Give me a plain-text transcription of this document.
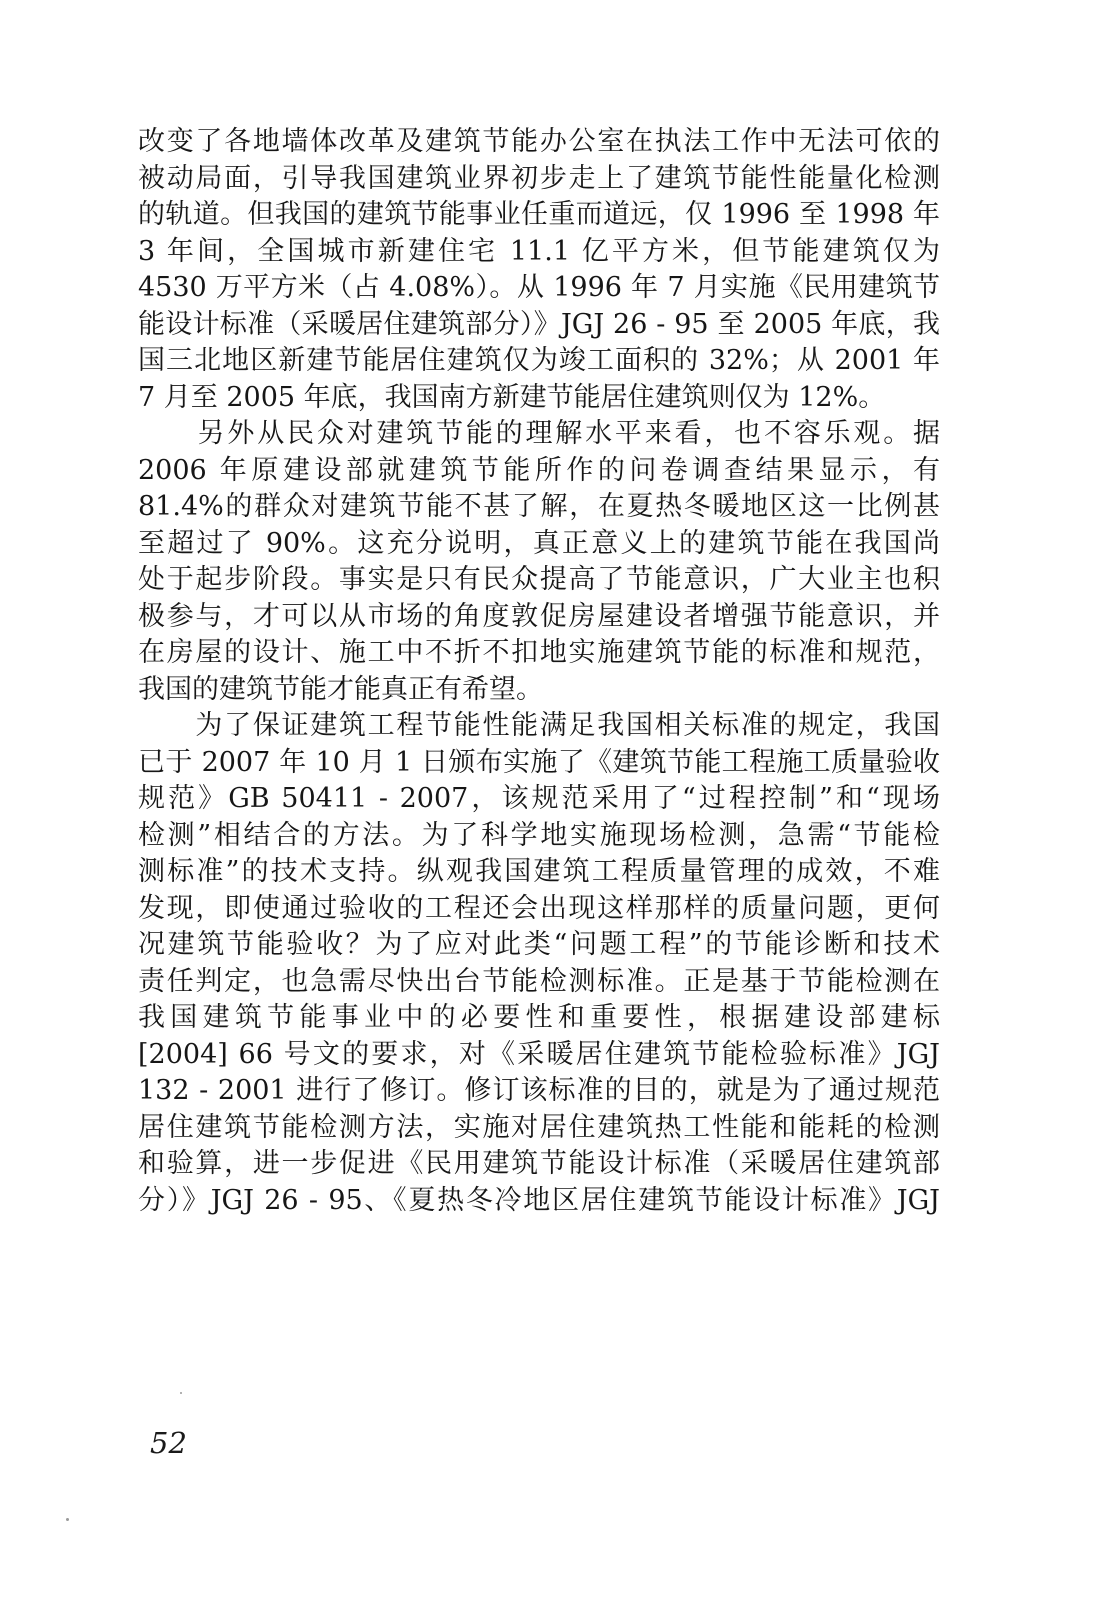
改变了各地墙体改革及建筑节能办公室在执法工作中无法可依的
被动局面，引导我国建筑业界初步走上了建筑节能性能量化检测
的轨道。但我国的建筑节能事业任重而道远，仅 1996 至 1998 年
3 年间，全国城市新建住宅 11.1 亿平方米，但节能建筑仅为
4530 万平方米（占 4.08%）。从 1996 年 7 月实施《民用建筑节
能设计标准（采暖居住建筑部分）》JGJ 26 - 95 至 2005 年底，我
国三北地区新建节能居住建筑仅为竣工面积的 32%；从 2001 年
7 月至 2005 年底，我国南方新建节能居住建筑则仅为 12%。
　　另外从民众对建筑节能的理解水平来看，也不容乐观。据
2006 年原建设部就建筑节能所作的问卷调查结果显示，有
81.4%的群众对建筑节能不甚了解，在夏热冬暖地区这一比例甚
至超过了 90%。这充分说明，真正意义上的建筑节能在我国尚
处于起步阶段。事实是只有民众提高了节能意识，广大业主也积
极参与，才可以从市场的角度敦促房屋建设者增强节能意识，并
在房屋的设计、施工中不折不扣地实施建筑节能的标准和规范，
我国的建筑节能才能真正有希望。
　　为了保证建筑工程节能性能满足我国相关标准的规定，我国
已于 2007 年 10 月 1 日颁布实施了《建筑节能工程施工质量验收
规范》GB 50411 - 2007，该规范采用了“过程控制”和“现场
检测”相结合的方法。为了科学地实施现场检测，急需“节能检
测标准”的技术支持。纵观我国建筑工程质量管理的成效，不难
发现，即使通过验收的工程还会出现这样那样的质量问题，更何
况建筑节能验收？为了应对此类“问题工程”的节能诊断和技术
责任判定，也急需尽快出台节能检测标准。正是基于节能检测在
我国建筑节能事业中的必要性和重要性，根据建设部建标
[2004] 66 号文的要求，对《采暖居住建筑节能检验标准》JGJ
132 - 2001 进行了修订。修订该标准的目的，就是为了通过规范
居住建筑节能检测方法，实施对居住建筑热工性能和能耗的检测
和验算，进一步促进《民用建筑节能设计标准（采暖居住建筑部
分）》JGJ 26 - 95、《夏热冬冷地区居住建筑节能设计标准》JGJ
52
